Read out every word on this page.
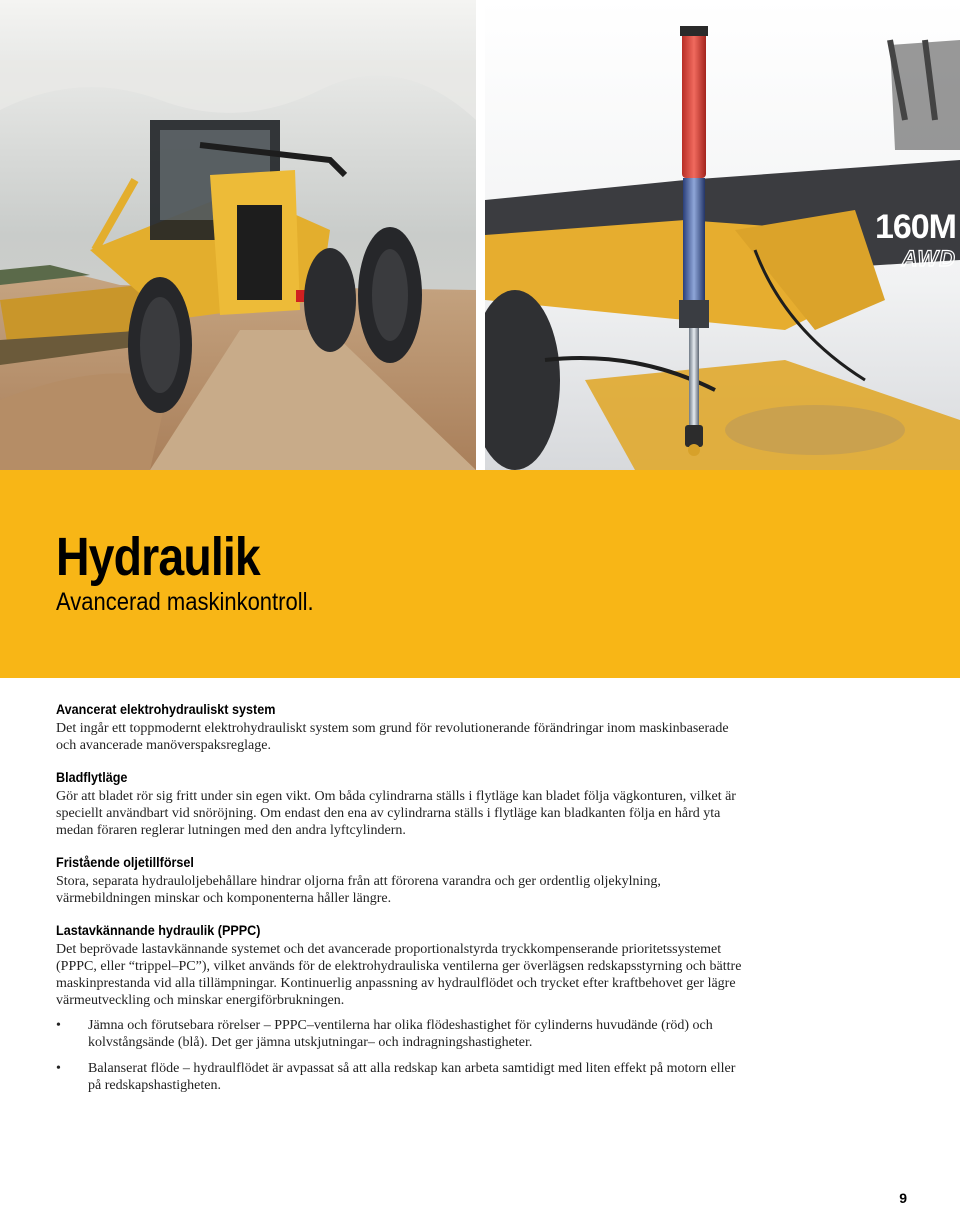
160M
AWD
Hydraulik
Avancerad maskinkontroll.
Avancerat elektrohydrauliskt system

Det ingår ett toppmodernt elektrohydrauliskt system som grund för revolutionerande förändringar inom maskinbaserade och avancerade manöverspaksreglage.

Bladflytläge

Gör att bladet rör sig fritt under sin egen vikt. Om båda cylindrarna ställs i flytläge kan bladet följa vägkonturen, vilket är speciellt användbart vid snöröjning. Om endast den ena av cylindrarna ställs i flytläge kan bladkanten följa en hård yta medan föraren reglerar lutningen med den andra lyftcylindern.

Fristående oljetillförsel

Stora, separata hydrauloljebehållare hindrar oljorna från att förorena varandra och ger ordentlig oljekylning, värmebildningen minskar och komponenterna håller längre.

Lastavkännande hydraulik (PPPC)

Det beprövade lastavkännande systemet och det avancerade proportionalstyrda tryckkompenserande prioritetssystemet (PPPC, eller “trippel–PC”), vilket används för de elektrohydrauliska ventilerna ger överlägsen redskapsstyrning och bättre maskinprestanda vid alla tillämpningar. Kontinuerlig anpassning av hydraulflödet och trycket efter kraftbehovet ger lägre värmeutveckling och minskar energiförbrukningen.

• Jämna och förutsebara rörelser – PPPC–ventilerna har olika flödeshastighet för cylinderns huvudände (röd) och kolvstångsände (blå). Det ger jämna utskjutningar– och indragningshastigheter.
• Balanserat flöde – hydraulflödet är avpassat så att alla redskap kan arbeta samtidigt med liten effekt på motorn eller på redskapshastigheten.
9
